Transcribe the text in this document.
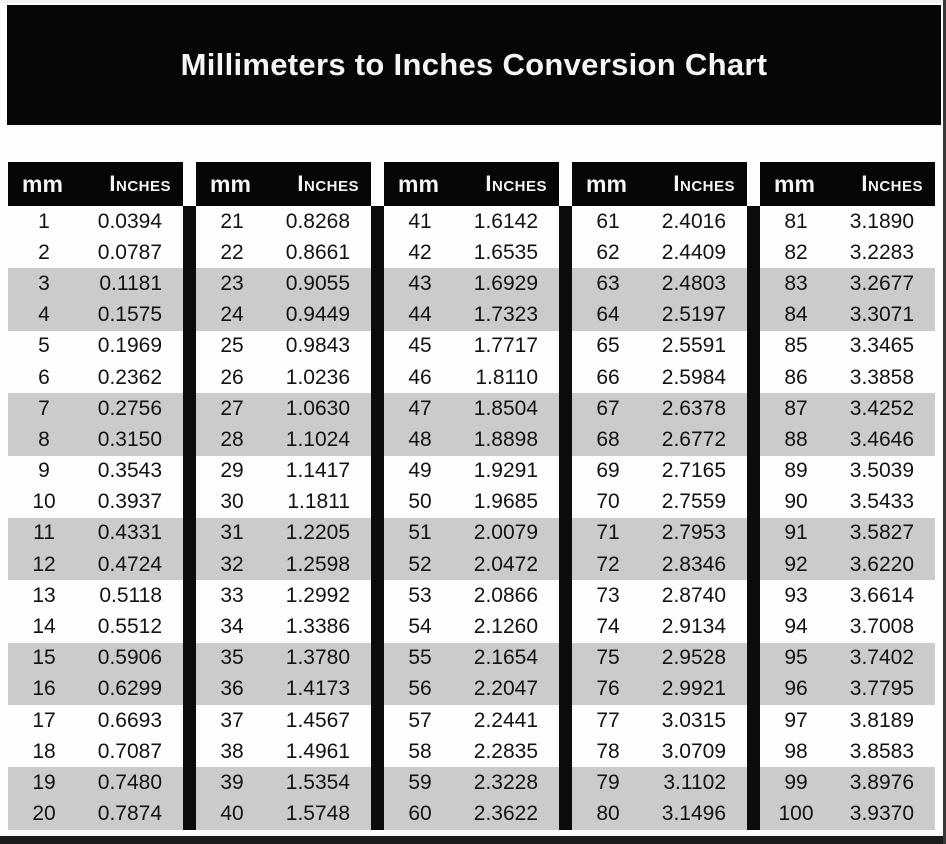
Millimeters to Inches Conversion Chart
mm Inches
1	0.0394
2	0.0787
3	0.1181
4	0.1575
5	0.1969
6	0.2362
7	0.2756
8	0.3150
9	0.3543
10	0.3937
11	0.4331
12	0.4724
13	0.5118
14	0.5512
15	0.5906
16	0.6299
17	0.6693
18	0.7087
19	0.7480
20	0.7874
mm Inches
21	0.8268
22	0.8661
23	0.9055
24	0.9449
25	0.9843
26	1.0236
27	1.0630
28	1.1024
29	1.1417
30	1.1811
31	1.2205
32	1.2598
33	1.2992
34	1.3386
35	1.3780
36	1.4173
37	1.4567
38	1.4961
39	1.5354
40	1.5748
mm Inches
41	1.6142
42	1.6535
43	1.6929
44	1.7323
45	1.7717
46	1.8110
47	1.8504
48	1.8898
49	1.9291
50	1.9685
51	2.0079
52	2.0472
53	2.0866
54	2.1260
55	2.1654
56	2.2047
57	2.2441
58	2.2835
59	2.3228
60	2.3622
mm Inches
61	2.4016
62	2.4409
63	2.4803
64	2.5197
65	2.5591
66	2.5984
67	2.6378
68	2.6772
69	2.7165
70	2.7559
71	2.7953
72	2.8346
73	2.8740
74	2.9134
75	2.9528
76	2.9921
77	3.0315
78	3.0709
79	3.1102
80	3.1496
mm Inches
81	3.1890
82	3.2283
83	3.2677
84	3.3071
85	3.3465
86	3.3858
87	3.4252
88	3.4646
89	3.5039
90	3.5433
91	3.5827
92	3.6220
93	3.6614
94	3.7008
95	3.7402
96	3.7795
97	3.8189
98	3.8583
99	3.8976
100	3.9370
